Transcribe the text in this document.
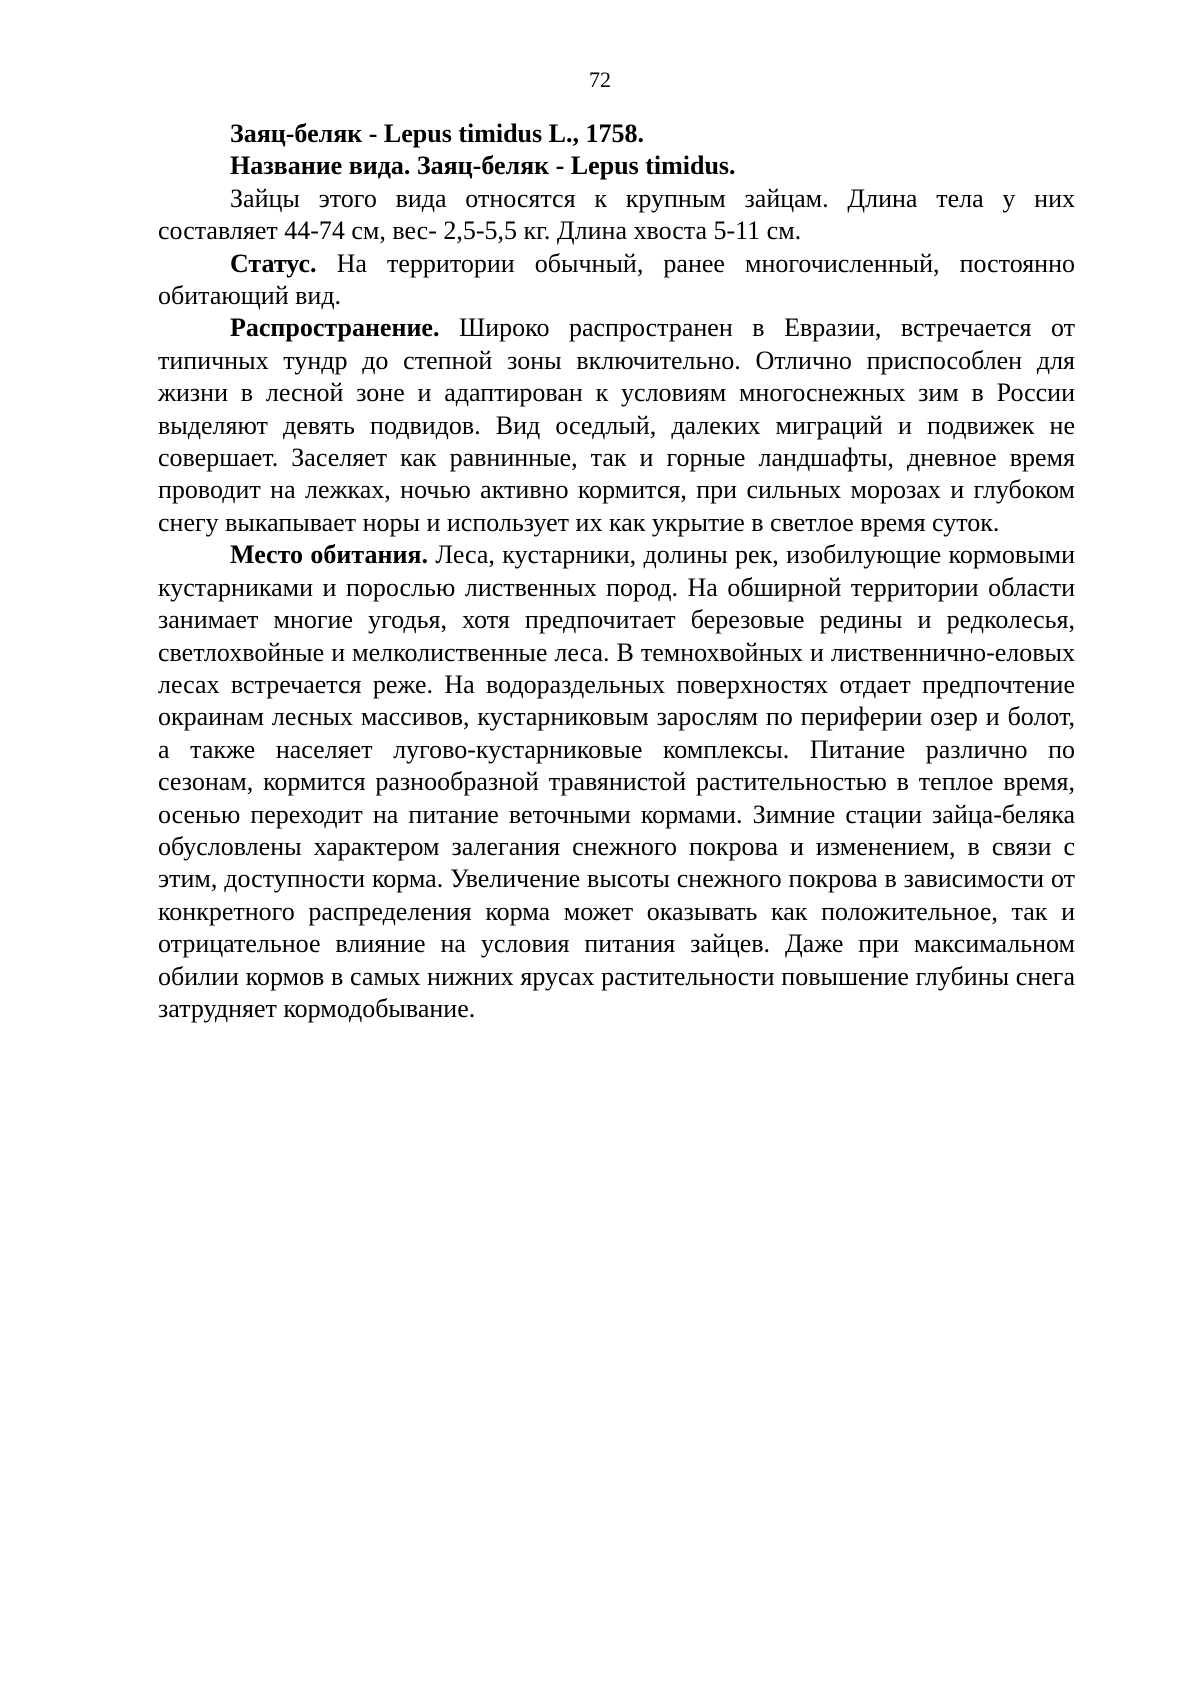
72

Заяц-беляк - Lepus timidus L., 1758.

Название вида. Заяц-беляк - Lepus timidus.

Зайцы этого вида относятся к крупным зайцам. Длина тела у них составляет 44-74 см, вес- 2,5-5,5 кг. Длина хвоста 5-11 см.

Статус. На территории обычный, ранее многочисленный, постоянно обитающий вид.

Распространение. Широко распространен в Евразии, встречается от типичных тундр до степной зоны включительно. Отлично приспособлен для жизни в лесной зоне и адаптирован к условиям многоснежных зим в России выделяют девять подвидов. Вид оседлый, далеких миграций и подвижек не совершает. Заселяет как равнинные, так и горные ландшафты, дневное время проводит на лежках, ночью активно кормится, при сильных морозах и глубоком снегу выкапывает норы и использует их как укрытие в светлое время суток.

Место обитания. Леса, кустарники, долины рек, изобилующие кормовыми кустарниками и порослью лиственных пород. На обширной территории области занимает многие угодья, хотя предпочитает березовые редины и редколесья, светлохвойные и мелколиственные леса. В темнохвойных и лиственнично-еловых лесах встречается реже. На водораздельных поверхностях отдает предпочтение окраинам лесных массивов, кустарниковым зарослям по периферии озер и болот, а также населяет лугово-кустарниковые комплексы. Питание различно по сезонам, кормится разнообразной травянистой растительностью в теплое время, осенью переходит на питание веточными кормами. Зимние стации зайца-беляка обусловлены характером залегания снежного покрова и изменением, в связи с этим, доступности корма. Увеличение высоты снежного покрова в зависимости от конкретного распределения корма может оказывать как положительное, так и отрицательное влияние на условия питания зайцев. Даже при максимальном обилии кормов в самых нижних ярусах растительности повышение глубины снега затрудняет кормодобывание.
